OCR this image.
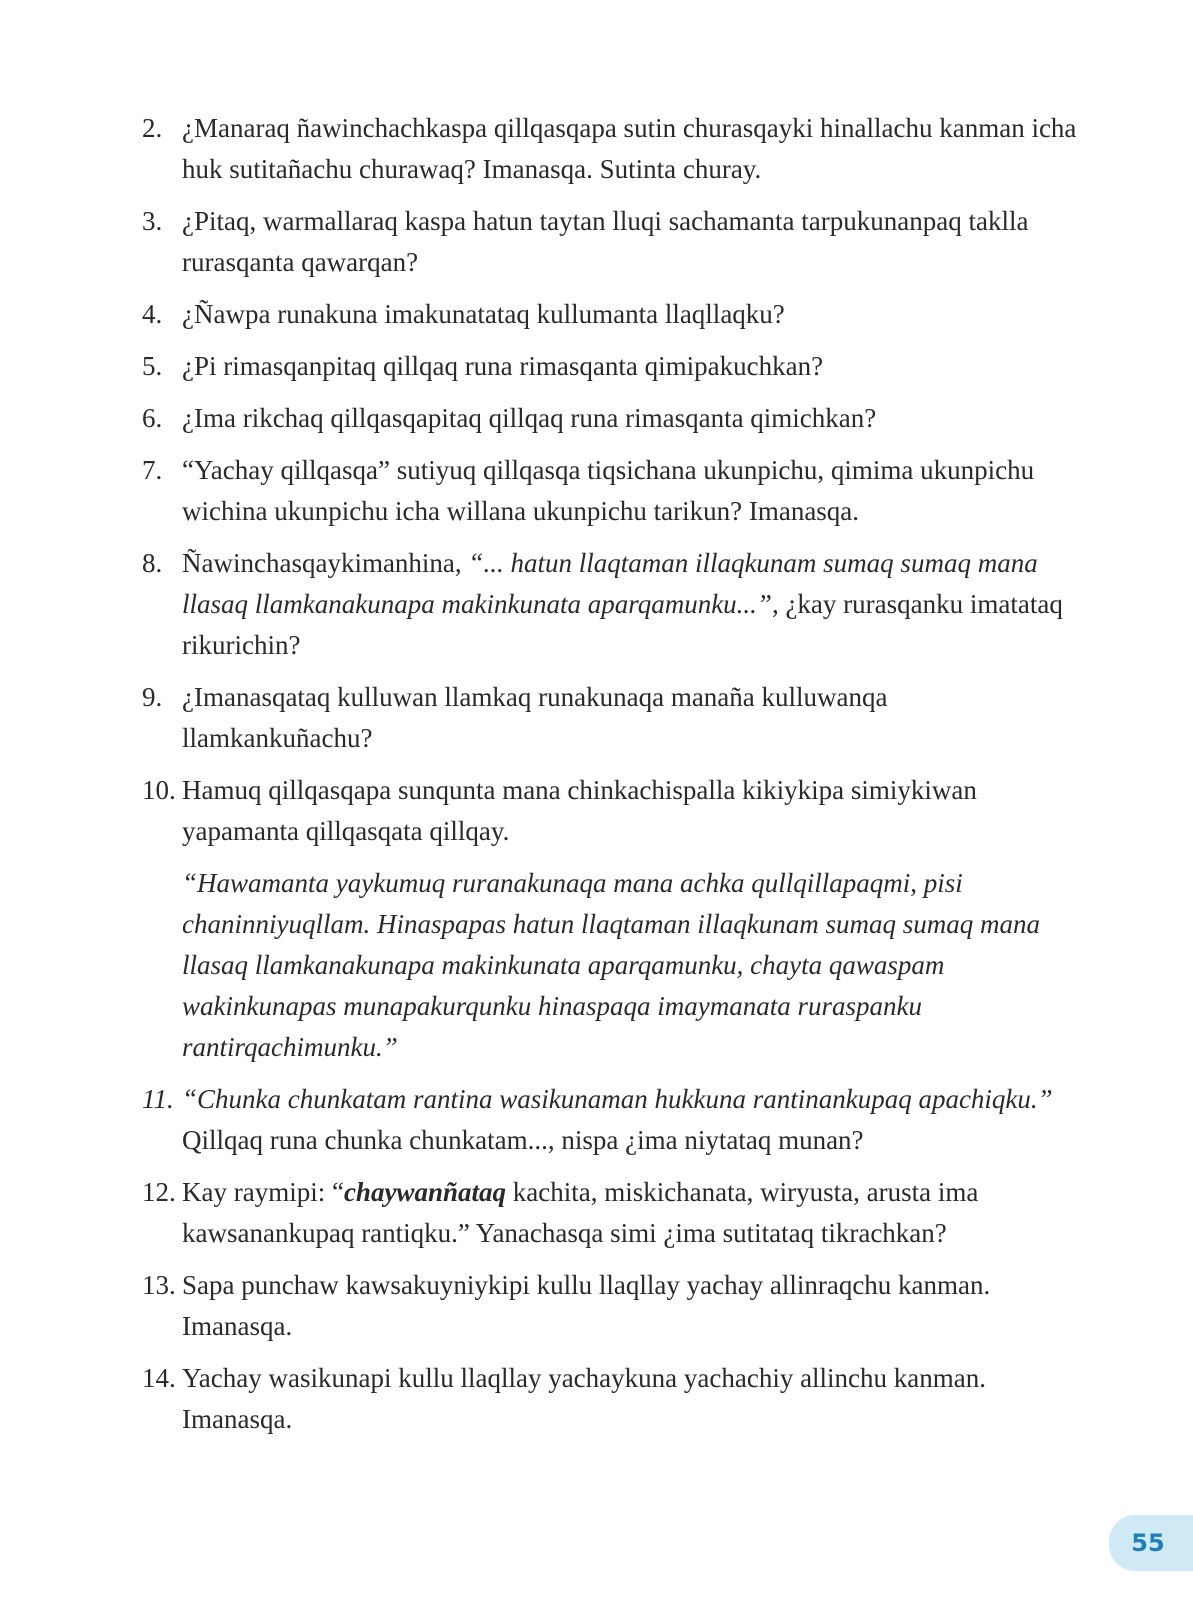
2. ¿Manaraq ñawinchachkaspa qillqasqapa sutin churasqayki hinallachu kanman icha huk sutitañachu churawaq? Imanasqa. Sutinta churay.
3. ¿Pitaq, warmallaraq kaspa hatun taytan lluqi sachamanta tarpukunanpaq taklla rurasqanta qawarqan?
4. ¿Ñawpa runakuna imakunatataq kullumanta llaqllaqku?
5. ¿Pi rimasqanpitaq qillqaq runa rimasqanta qimipakuchkan?
6. ¿Ima rikchaq qillqasqapitaq qillqaq runa rimasqanta qimichkan?
7. “Yachay qillqasqa” sutiyuq qillqasqa tiqsichana ukunpichu, qimima ukunpichu wichina ukunpichu icha willana ukunpichu tarikun? Imanasqa.
8. Ñawinchasqaykimanhina, “... hatun llaqtaman illaqkunam sumaq sumaq mana llasaq llamkanakunapa makinkunata aparqamunku...”, ¿kay rurasqanku imatataq rikurichin?
9. ¿Imanasqataq kulluwan llamkaq runakunaqa manaña kulluwanqa llamkankuñachu?
10. Hamuq qillqasqapa sunqunta mana chinkachispalla kikiykipa simiykiwan yapamanta qillqasqata qillqay.
“Hawamanta yaykumuq ruranakunaqa mana achka qullqillapaqmi, pisi chaninniyuqllam. Hinaspapas hatun llaqtaman illaqkunam sumaq sumaq mana llasaq llamkanakunapa makinkunata aparqamunku, chayta qawaspam wakinkunapas munapakurqunku hinaspaqa imaymanata ruraspanku rantirqachimunku.”
11. “Chunka chunkatam rantina wasikunaman hukkuna rantinankupaq apachiqku.” Qillqaq runa chunka chunkatam..., nispa ¿ima niytataq munan?
12. Kay raymipi: “chaywanñataq kachita, miskichanata, wiryusta, arusta ima kawsanankupaq rantiqku.” Yanachasqa simi ¿ima sutitataq tikrachkan?
13. Sapa punchaw kawsakuyniykipi kullu llaqllay yachay allinraqchu kanman. Imanasqa.
14. Yachay wasikunapi kullu llaqllay yachaykuna yachachiy allinchu kanman. Imanasqa.
55
